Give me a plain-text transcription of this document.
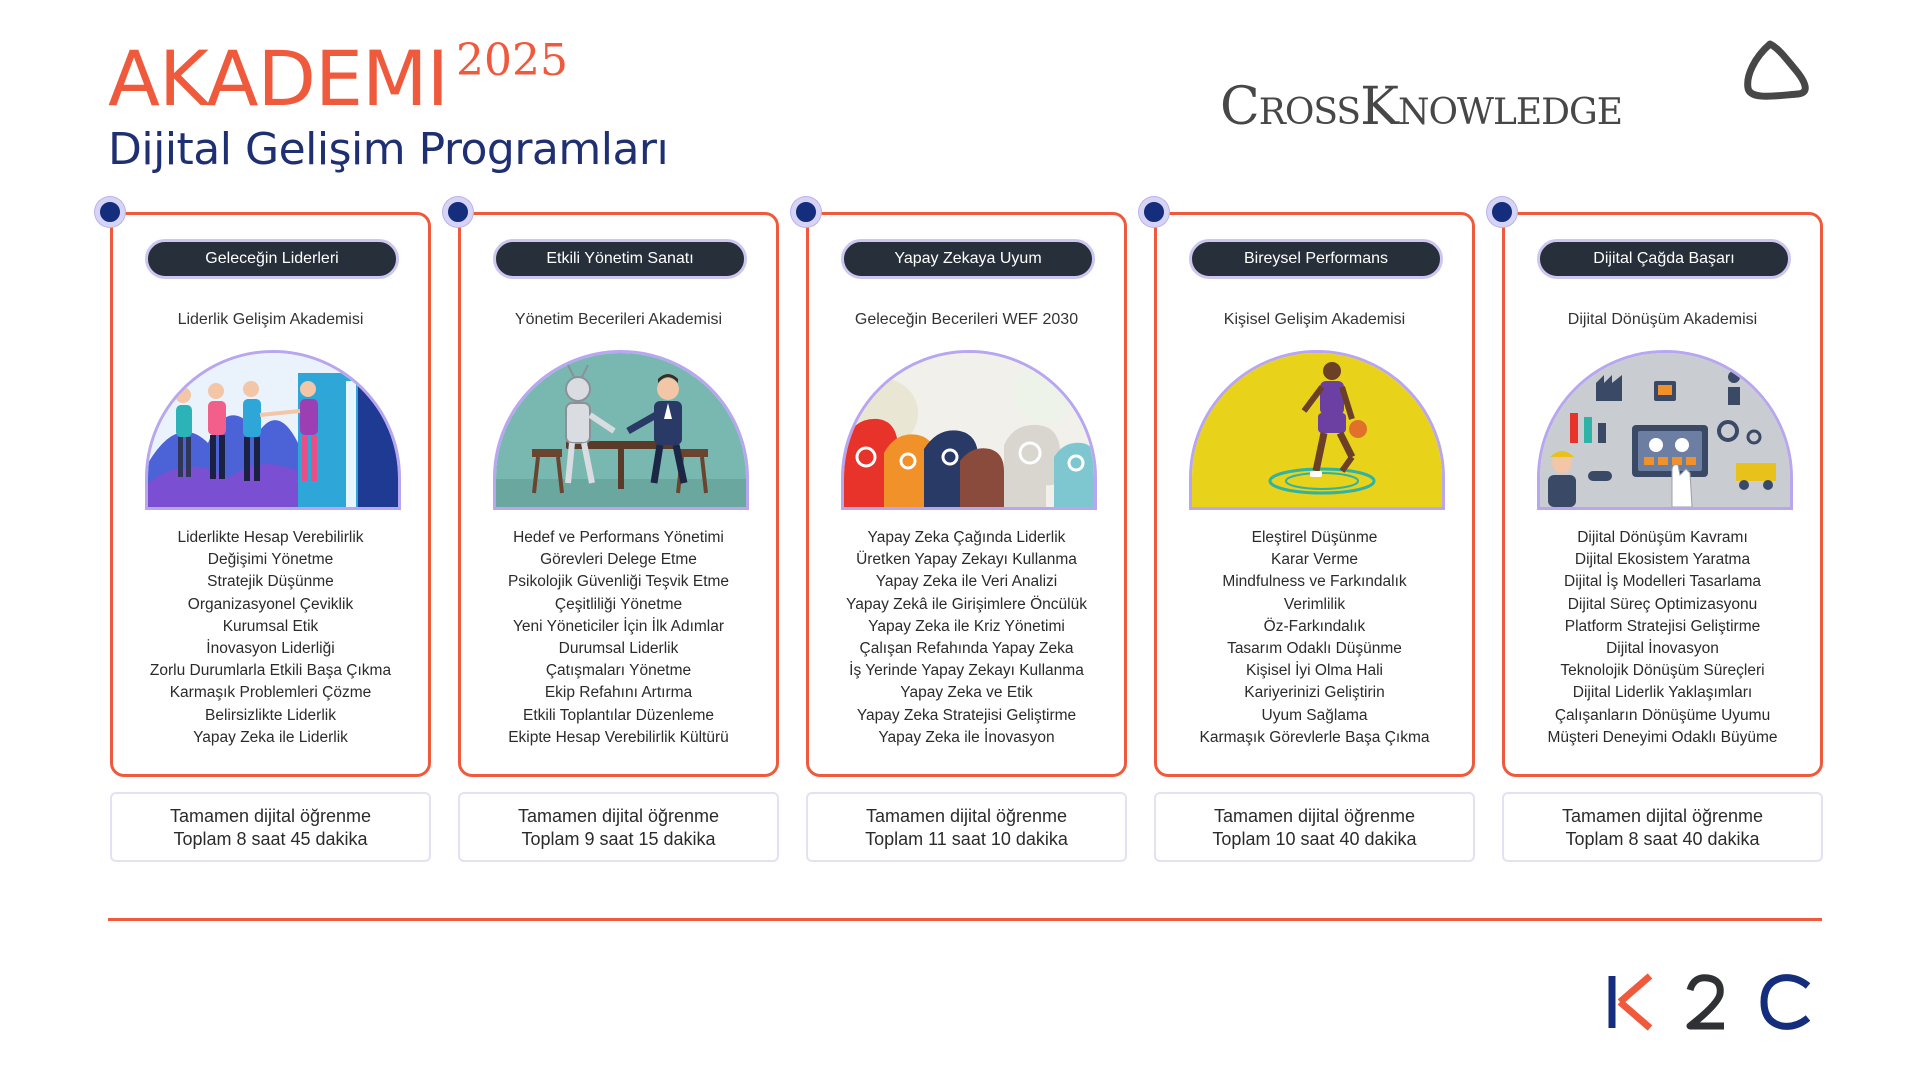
AKADEMI 2025
Dijital Gelişim Programları
CrossKnowledge
Geleceğin Liderleri
Liderlik Gelişim Akademisi
Liderlikte Hesap Verebilirlik
Değişimi Yönetme
Stratejik Düşünme
Organizasyonel Çeviklik
Kurumsal Etik
İnovasyon Liderliği
Zorlu Durumlarla Etkili Başa Çıkma
Karmaşık Problemleri Çözme
Belirsizlikte Liderlik
Yapay Zeka ile Liderlik
Etkili Yönetim Sanatı
Yönetim Becerileri Akademisi
Hedef ve Performans Yönetimi
Görevleri Delege Etme
Psikolojik Güvenliği Teşvik Etme
Çeşitliliği Yönetme
Yeni Yöneticiler İçin İlk Adımlar
Durumsal Liderlik
Çatışmaları Yönetme
Ekip Refahını Artırma
Etkili Toplantılar Düzenleme
Ekipte Hesap Verebilirlik Kültürü
Yapay Zekaya Uyum
Geleceğin Becerileri WEF 2030
Yapay Zeka Çağında Liderlik
Üretken Yapay Zekayı Kullanma
Yapay Zeka ile Veri Analizi
Yapay Zekâ ile Girişimlere Öncülük
Yapay Zeka ile Kriz Yönetimi
Çalışan Refahında Yapay Zeka
İş Yerinde Yapay Zekayı Kullanma
Yapay Zeka ve Etik
Yapay Zeka Stratejisi Geliştirme
Yapay Zeka ile İnovasyon
Bireysel Performans
Kişisel Gelişim Akademisi
Eleştirel Düşünme
Karar Verme
Mindfulness ve Farkındalık
Verimlilik
Öz-Farkındalık
Tasarım Odaklı Düşünme
Kişisel İyi Olma Hali
Kariyerinizi Geliştirin
Uyum Sağlama
Karmaşık Görevlerle Başa Çıkma
Dijital Çağda Başarı
Dijital Dönüşüm Akademisi
Dijital Dönüşüm Kavramı
Dijital Ekosistem Yaratma
Dijital İş Modelleri Tasarlama
Dijital Süreç Optimizasyonu
Platform Stratejisi Geliştirme
Dijital İnovasyon
Teknolojik Dönüşüm Süreçleri
Dijital Liderlik Yaklaşımları
Çalışanların Dönüşüme Uyumu
Müşteri Deneyimi Odaklı Büyüme
Tamamen dijital öğrenme
Toplam 8 saat 45 dakika
Tamamen dijital öğrenme
Toplam 9 saat 15 dakika
Tamamen dijital öğrenme
Toplam 11 saat 10 dakika
Tamamen dijital öğrenme
Toplam 10 saat 40 dakika
Tamamen dijital öğrenme
Toplam 8 saat 40 dakika
